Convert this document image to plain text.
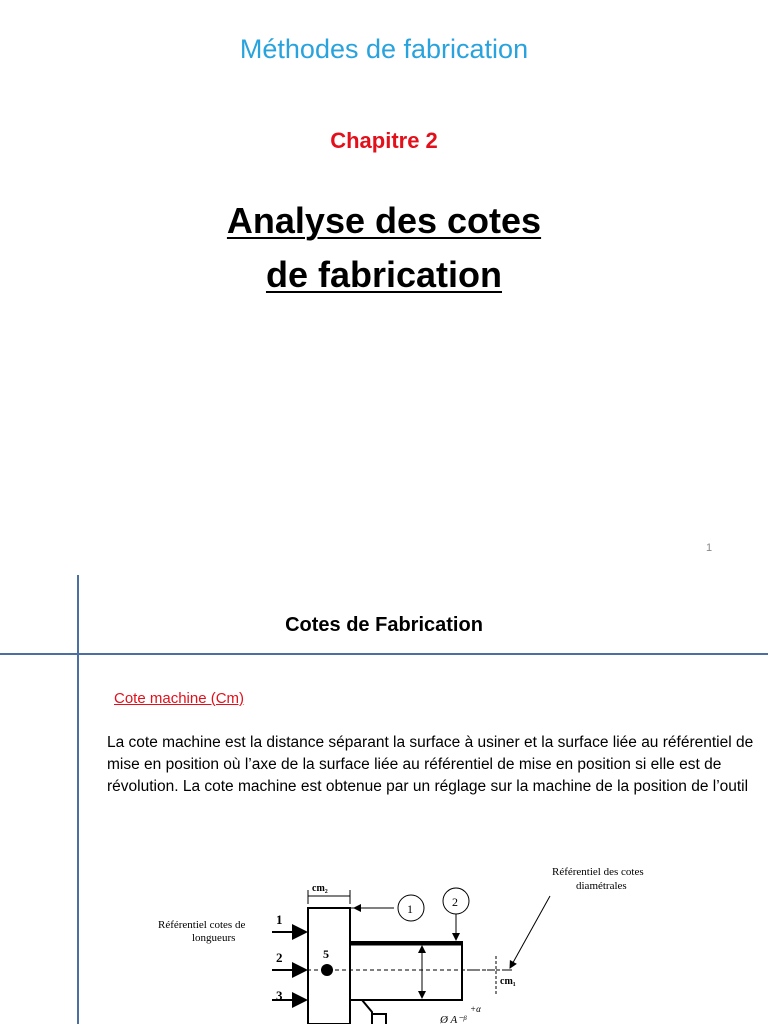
Méthodes de fabrication
Chapitre 2
Analyse des cotes
de fabrication
1
Cotes de Fabrication
Cote machine (Cm)
La cote machine est la distance séparant la surface à usiner et la surface liée au référentiel de mise en position où l’axe de la surface liée au référentiel de mise en position si elle est de révolution. La cote machine est obtenue par un réglage sur la machine de la position de l’outil
Référentiel cotes de
longueurs
Référentiel des cotes
diamétrales
5
1
2
3
cm₂
1	2
cm₁
+α
Ø A⁻ᵝ
